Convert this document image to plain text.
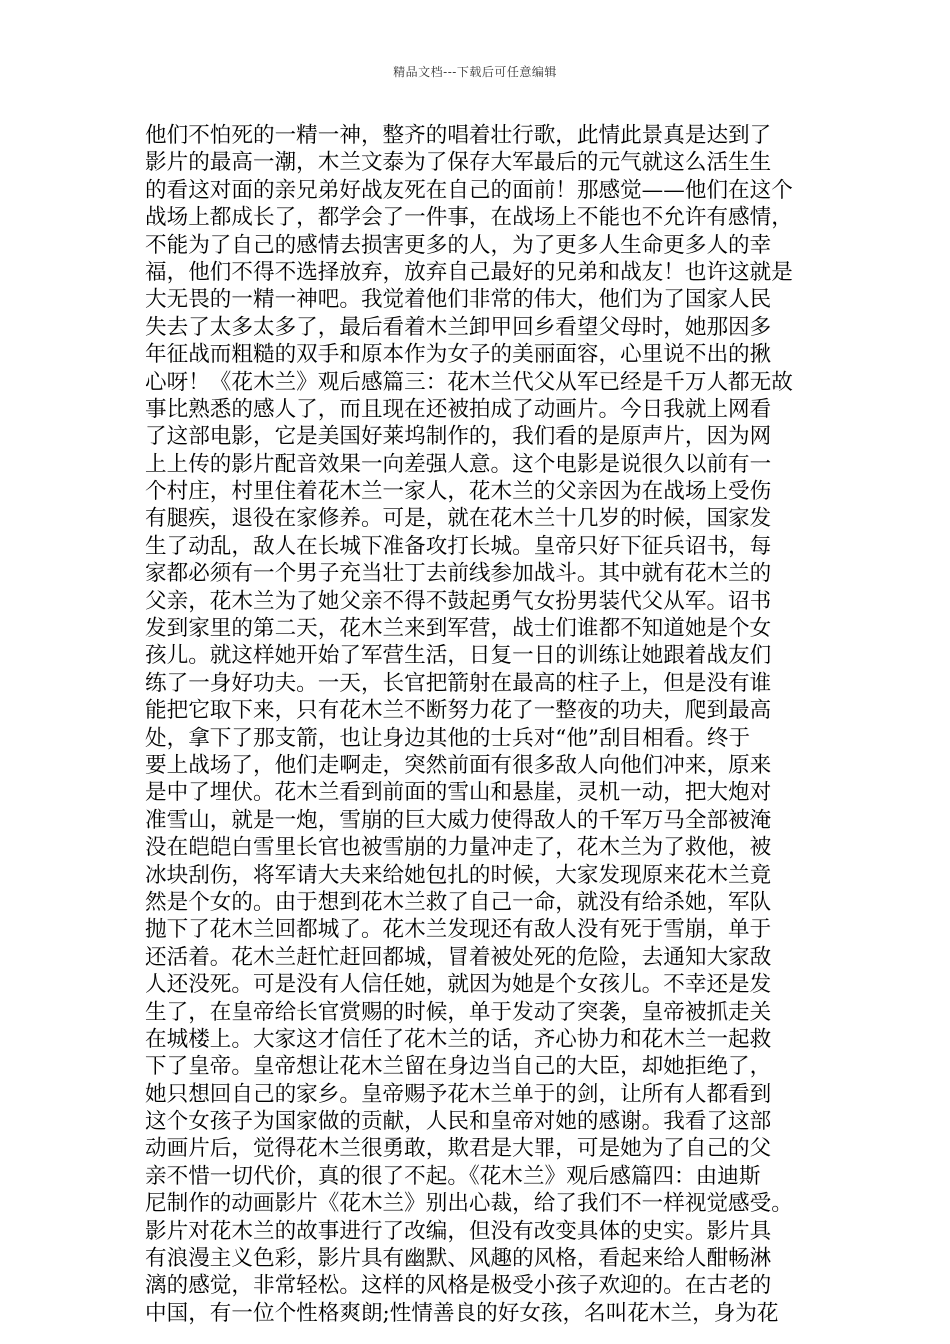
精品文档---下载后可任意编辑
他们不怕死的一精一神，整齐的唱着壮行歌，此情此景真是达到了
影片的最高一潮，木兰文泰为了保存大军最后的元气就这么活生生
的看这对面的亲兄弟好战友死在自己的面前！那感觉——他们在这个
战场上都成长了，都学会了一件事，在战场上不能也不允许有感情，
不能为了自己的感情去损害更多的人，为了更多人生命更多人的幸
福，他们不得不选择放弃，放弃自己最好的兄弟和战友！也许这就是
大无畏的一精一神吧。我觉着他们非常的伟大，他们为了国家人民
失去了太多太多了，最后看着木兰卸甲回乡看望父母时，她那因多
年征战而粗糙的双手和原本作为女子的美丽面容，心里说不出的揪
心呀！《花木兰》观后感篇三：花木兰代父从军已经是千万人都无故
事比熟悉的感人了，而且现在还被拍成了动画片。今日我就上网看
了这部电影，它是美国好莱坞制作的，我们看的是原声片，因为网
上上传的影片配音效果一向差强人意。这个电影是说很久以前有一
个村庄，村里住着花木兰一家人，花木兰的父亲因为在战场上受伤
有腿疾，退役在家修养。可是，就在花木兰十几岁的时候，国家发
生了动乱，敌人在长城下准备攻打长城。皇帝只好下征兵诏书，每
家都必须有一个男子充当壮丁去前线参加战斗。其中就有花木兰的
父亲，花木兰为了她父亲不得不鼓起勇气女扮男装代父从军。诏书
发到家里的第二天，花木兰来到军营，战士们谁都不知道她是个女
孩儿。就这样她开始了军营生活，日复一日的训练让她跟着战友们
练了一身好功夫。一天，长官把箭射在最高的柱子上，但是没有谁
能把它取下来，只有花木兰不断努力花了一整夜的功夫，爬到最高
处，拿下了那支箭，也让身边其他的士兵对“他”刮目相看。终于
要上战场了，他们走啊走，突然前面有很多敌人向他们冲来，原来
是中了埋伏。花木兰看到前面的雪山和悬崖，灵机一动，把大炮对
准雪山，就是一炮，雪崩的巨大威力使得敌人的千军万马全部被淹
没在皑皑白雪里长官也被雪崩的力量冲走了，花木兰为了救他，被
冰块刮伤，将军请大夫来给她包扎的时候，大家发现原来花木兰竟
然是个女的。由于想到花木兰救了自己一命，就没有给杀她，军队
抛下了花木兰回都城了。花木兰发现还有敌人没有死于雪崩，单于
还活着。花木兰赶忙赶回都城，冒着被处死的危险，去通知大家敌
人还没死。可是没有人信任她，就因为她是个女孩儿。不幸还是发
生了，在皇帝给长官赏赐的时候，单于发动了突袭，皇帝被抓走关
在城楼上。大家这才信任了花木兰的话，齐心协力和花木兰一起救
下了皇帝。皇帝想让花木兰留在身边当自己的大臣，却她拒绝了，
她只想回自己的家乡。皇帝赐予花木兰单于的剑，让所有人都看到
这个女孩子为国家做的贡献，人民和皇帝对她的感谢。我看了这部
动画片后，觉得花木兰很勇敢，欺君是大罪，可是她为了自己的父
亲不惜一切代价，真的很了不起。《花木兰》观后感篇四：由迪斯
尼制作的动画影片《花木兰》别出心裁，给了我们不一样视觉感受。
影片对花木兰的故事进行了改编，但没有改变具体的史实。影片具
有浪漫主义色彩，影片具有幽默、风趣的风格，看起来给人酣畅淋
漓的感觉，非常轻松。这样的风格是极受小孩子欢迎的。在古老的
中国，有一位个性格爽朗;性情善良的好女孩，名叫花木兰，身为花
